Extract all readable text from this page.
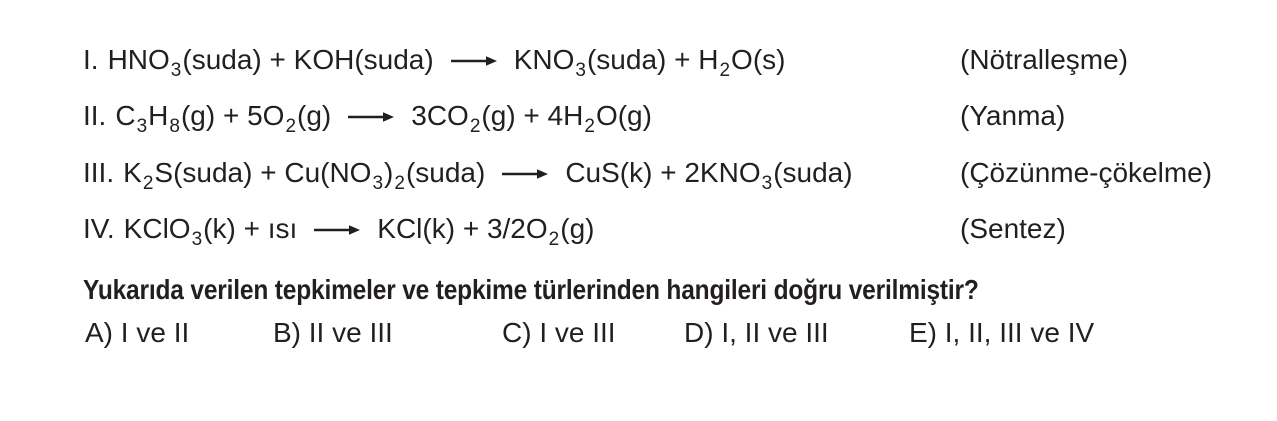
I. $HNO_3(suda)$ + KOH(suda) → $KNO_3(suda) + H_2O(s)$	(Nötralleşme)
II. $C_3H_8(g) + 5O_2(g) \to 3CO_2(g) + 4H_2O(g)$	(Yanma)
III. $K_2S(suda)$ + $Cu(NO_3)_2(suda) \to CuS(k)$ + $2KNO_3(suda)$	(Çözünme-çökelme)
IV. KClO$_3$(k) + ısı → $KCl(k) + 3/2O_2(g)$	(Sentez)
Yukarıda verilen tepkimeler ve tepkime türlerinden hangileri doğru verilmiştir?
A) I ve II	B) II ve III	C) I ve III D) I, II ve III	E) I, II, III ve IV
